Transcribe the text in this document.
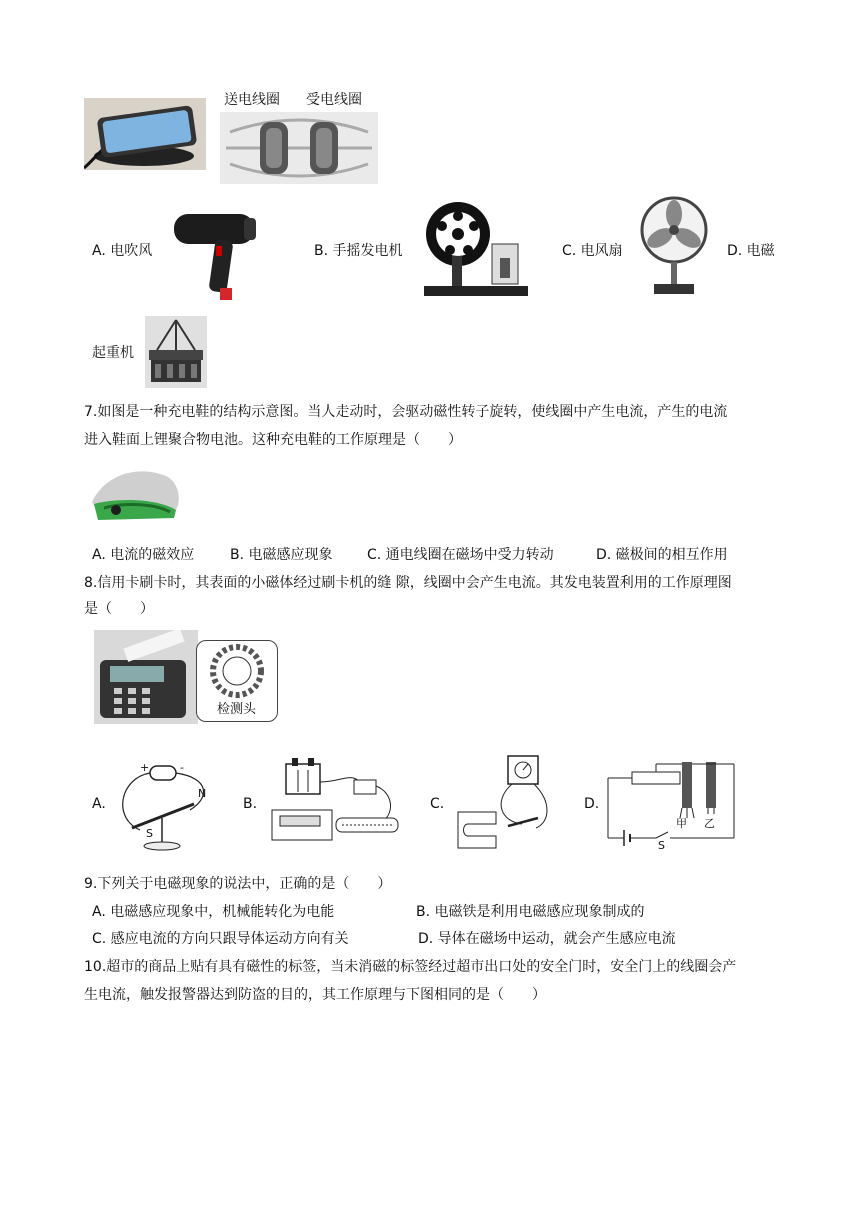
送电线圈 受电线圈
A. 电吹风	B. 手摇发电机	C. 电风扇	D. 电磁
起重机
7.如图是一种充电鞋的结构示意图。当人走动时，会驱动磁性转子旋转，使线圈中产生电流，产生的电流
进入鞋面上锂聚合物电池。这种充电鞋的工作原理是（　　）
A. 电流的磁效应	B. 电磁感应现象 C. 通电线圈在磁场中受力转动	D. 磁极间的相互作用
8.信用卡刷卡时，其表面的小磁体经过刷卡机的缝 隙，线圈中会产生电流。其发电装置利用的工作原理图
是（　　）
检测头
A.
+	-
N
S
B.	C.	D.
甲 乙
S
9.下列关于电磁现象的说法中，正确的是（　　）
A. 电磁感应现象中，机械能转化为电能	B. 电磁铁是利用电磁感应现象制成的
C. 感应电流的方向只跟导体运动方向有关	D. 导体在磁场中运动，就会产生感应电流
10.超市的商品上贴有具有磁性的标签，当未消磁的标签经过超市出口处的安全门时，安全门上的线圈会产
生电流，触发报警器达到防盗的目的，其工作原理与下图相同的是（　　）
